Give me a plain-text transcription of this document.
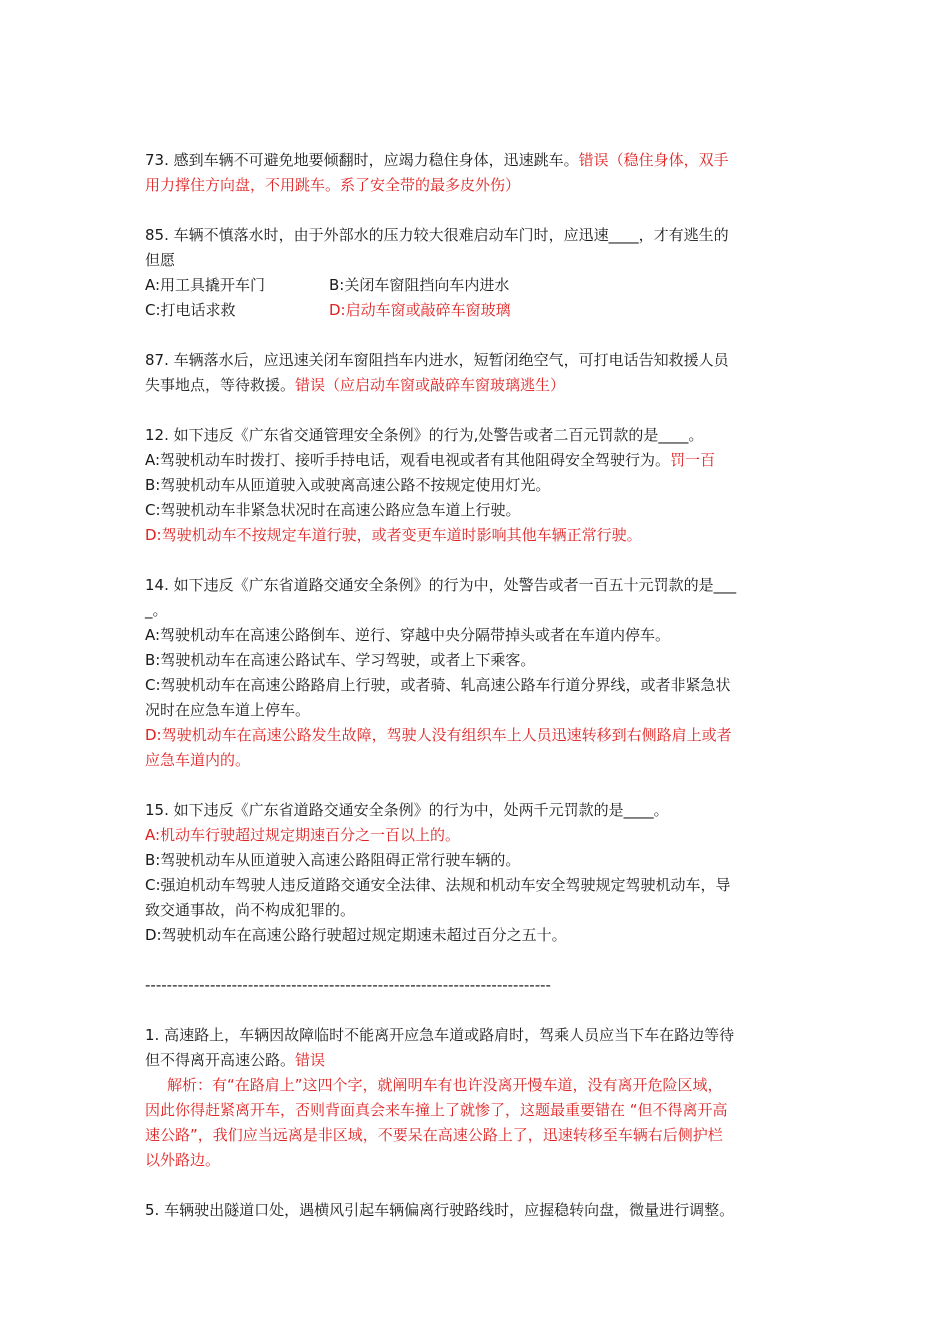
73. 感到车辆不可避免地要倾翻时，应竭力稳住身体，迅速跳车。错误（稳住身体，双手
用力撑住方向盘，不用跳车。系了安全带的最多皮外伤）
85. 车辆不慎落水时，由于外部水的压力较大很难启动车门时，应迅速____，才有逃生的
但愿
A:用工具撬开车门	B:关闭车窗阻挡向车内进水
C:打电话求救	D:启动车窗或敲碎车窗玻璃
87. 车辆落水后，应迅速关闭车窗阻挡车内进水，短暂闭绝空气，可打电话告知救援人员
失事地点，等待救援。错误（应启动车窗或敲碎车窗玻璃逃生）
12. 如下违反《广东省交通管理安全条例》的行为,处警告或者二百元罚款的是____。
A:驾驶机动车时拨打、接听手持电话，观看电视或者有其他阻碍安全驾驶行为。罚一百
B:驾驶机动车从匝道驶入或驶离高速公路不按规定使用灯光。
C:驾驶机动车非紧急状况时在高速公路应急车道上行驶。
D:驾驶机动车不按规定车道行驶，或者变更车道时影响其他车辆正常行驶。
14. 如下违反《广东省道路交通安全条例》的行为中，处警告或者一百五十元罚款的是___
_。
A:驾驶机动车在高速公路倒车、逆行、穿越中央分隔带掉头或者在车道内停车。
B:驾驶机动车在高速公路试车、学习驾驶，或者上下乘客。
C:驾驶机动车在高速公路路肩上行驶，或者骑、轧高速公路车行道分界线，或者非紧急状
况时在应急车道上停车。
D:驾驶机动车在高速公路发生故障，驾驶人没有组织车上人员迅速转移到右侧路肩上或者
应急车道内的。
15. 如下违反《广东省道路交通安全条例》的行为中，处两千元罚款的是____。
A:机动车行驶超过规定期速百分之一百以上的。
B:驾驶机动车从匝道驶入高速公路阻碍正常行驶车辆的。
C:强迫机动车驾驶人违反道路交通安全法律、法规和机动车安全驾驶规定驾驶机动车，导
致交通事故，尚不构成犯罪的。
D:驾驶机动车在高速公路行驶超过规定期速未超过百分之五十。
---------------------------------------------------------------------------
1. 高速路上，车辆因故障临时不能离开应急车道或路肩时，驾乘人员应当下车在路边等待
但不得离开高速公路。错误
解析：有“在路肩上”这四个字，就阐明车有也许没离开慢车道，没有离开危险区域，
因此你得赶紧离开车，否则背面真会来车撞上了就惨了，这题最重要错在 “但不得离开高
速公路”，我们应当远离是非区域，不要呆在高速公路上了，迅速转移至车辆右后侧护栏
以外路边。
5. 车辆驶出隧道口处，遇横风引起车辆偏离行驶路线时，应握稳转向盘，微量进行调整。
